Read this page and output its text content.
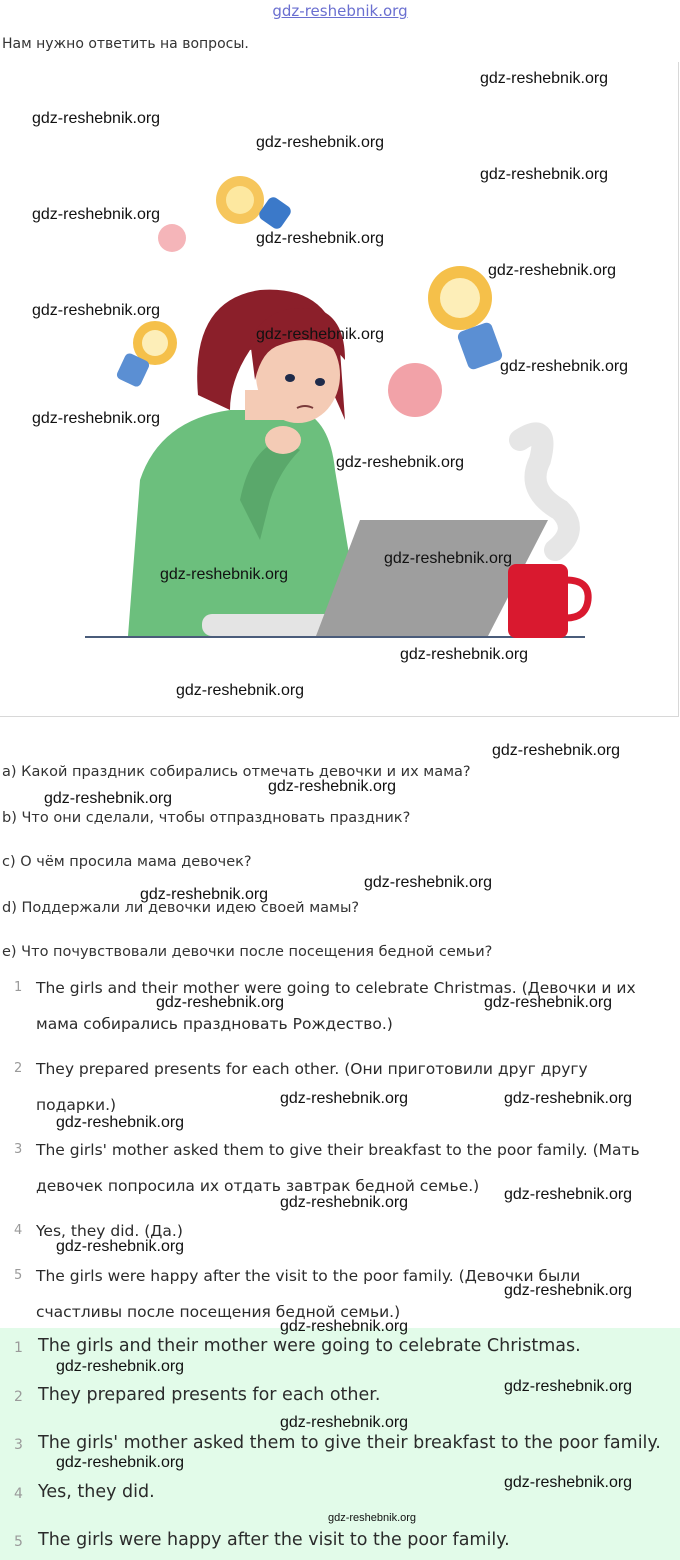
gdz-reshebnik.org
Нам нужно ответить на вопросы.
gdz-reshebnik.org
gdz-reshebnik.org
gdz-reshebnik.org
gdz-reshebnik.org
gdz-reshebnik.org
gdz-reshebnik.org
gdz-reshebnik.org
gdz-reshebnik.org
gdz-reshebnik.org
gdz-reshebnik.org
gdz-reshebnik.org
gdz-reshebnik.org
gdz-reshebnik.org
gdz-reshebnik.org
gdz-reshebnik.org
gdz-reshebnik.org
a) Какой праздник собирались отмечать девочки и их мама?
b) Что они сделали, чтобы отпраздновать праздник?
c) О чём просила мама девочек?
d) Поддержали ли девочки идею своей мамы?
e) Что почувствовали девочки после посещения бедной семьи?
gdz-reshebnik.org
gdz-reshebnik.org
gdz-reshebnik.org
gdz-reshebnik.org
gdz-reshebnik.org
1 The girls and their mother were going to celebrate Christmas. (Девочки и их
мама собирались праздновать Рождество.)
2 They prepared presents for each other. (Они приготовили друг другу
подарки.)
3 The girls' mother asked them to give their breakfast to the poor family. (Мать
девочек попросила их отдать завтрак бедной семье.)
4 Yes, they did. (Да.)
5 The girls were happy after the visit to the poor family. (Девочки были
счастливы после посещения бедной семьи.)
gdz-reshebnik.org	gdz-reshebnik.org
gdz-reshebnik.org	gdz-reshebnik.org
gdz-reshebnik.org
gdz-reshebnik.org
gdz-reshebnik.org
gdz-reshebnik.org
gdz-reshebnik.org
1 The girls and their mother were going to celebrate Christmas.
2 They prepared presents for each other.
3 The girls' mother asked them to give their breakfast to the poor family.
4 Yes, they did.
5 The girls were happy after the visit to the poor family.
gdz-reshebnik.org
gdz-reshebnik.org
gdz-reshebnik.org
gdz-reshebnik.org
gdz-reshebnik.org
gdz-reshebnik.org
gdz-reshebnik.org
